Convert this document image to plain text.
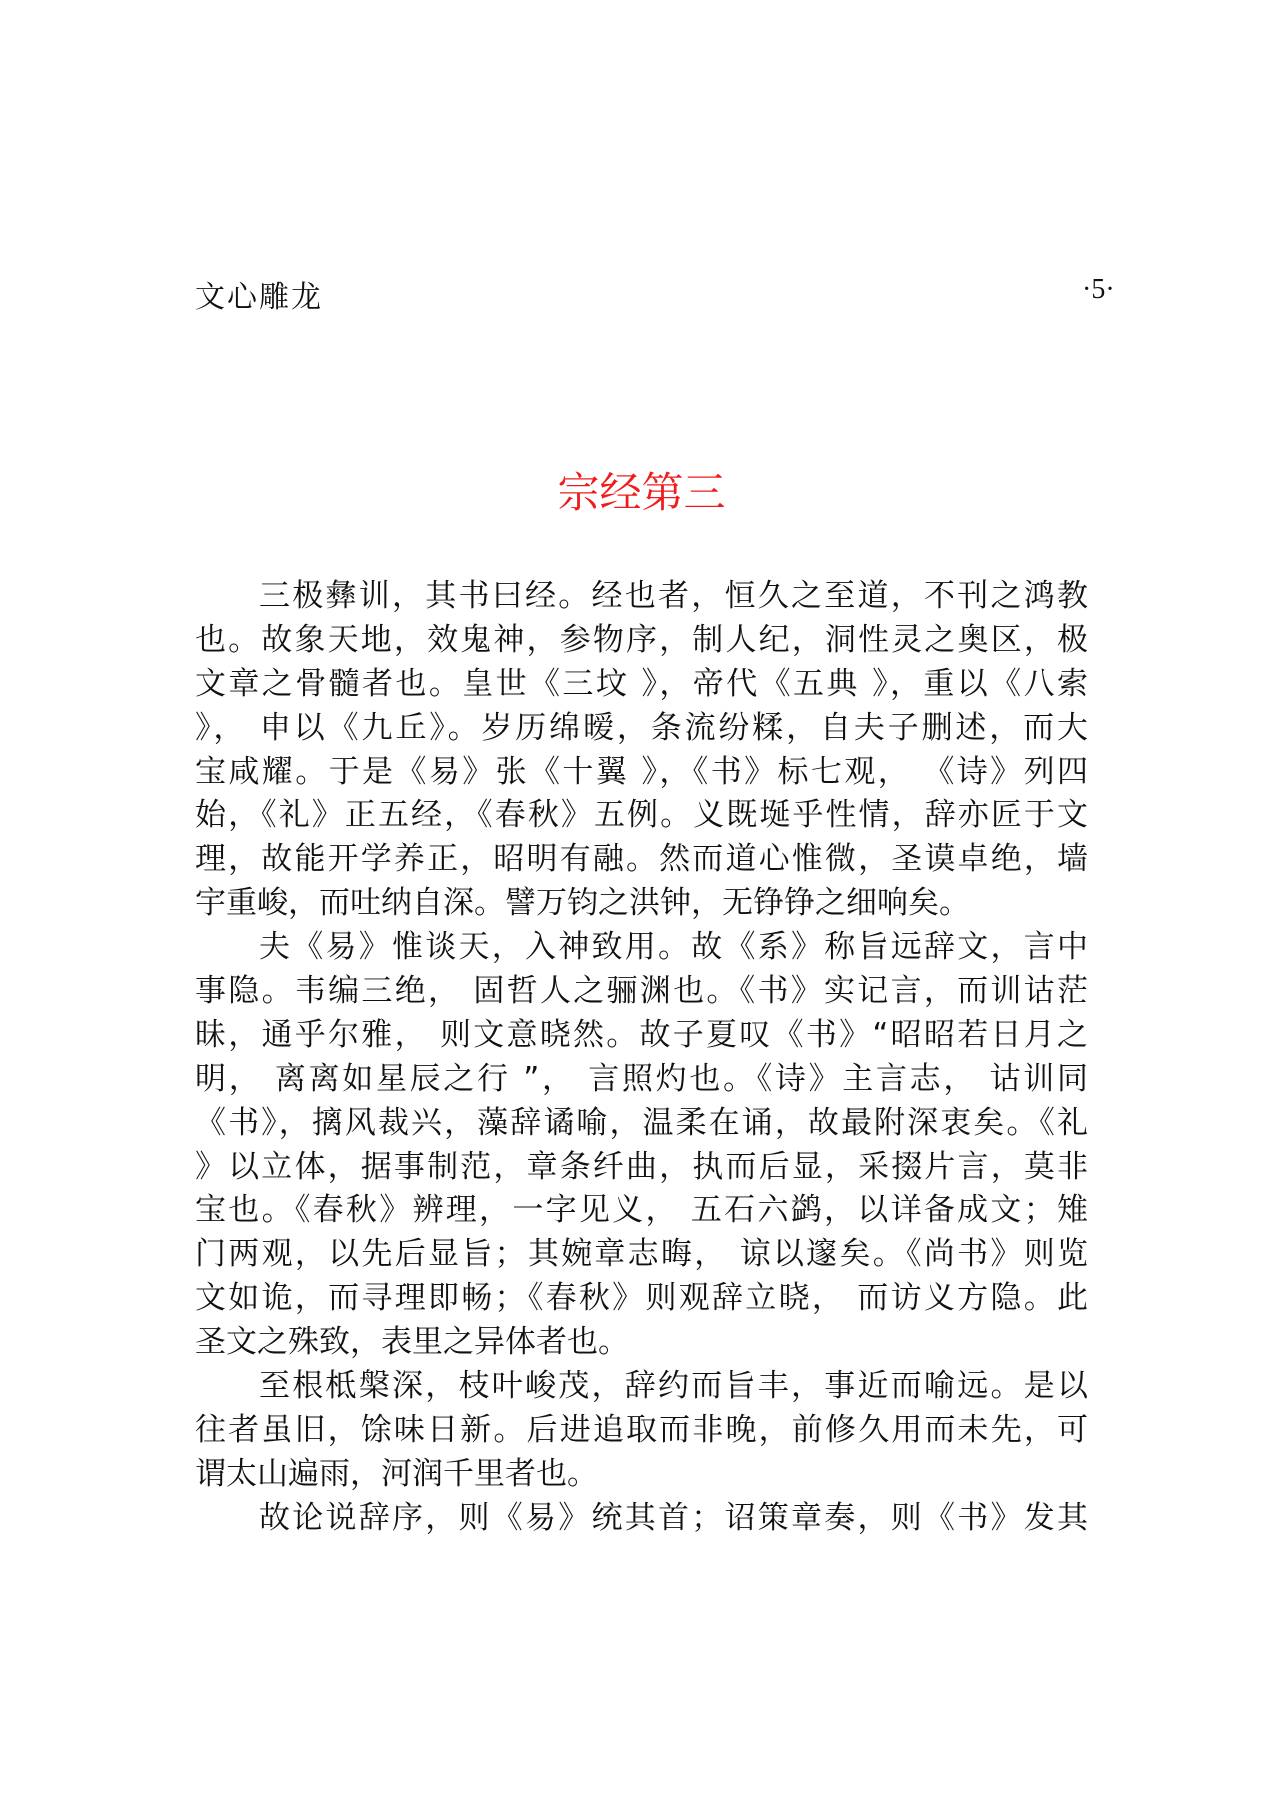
文心雕龙	·5·
宗经第三
三极彝训，其书曰经。经也者，恒久之至道，不刊之鸿教
也。故象天地，效鬼神，参物序，制人纪，洞性灵之奥区，极
文章之骨髓者也。皇世《三坟 》，帝代《五典 》，重以《八索
》， 申以《九丘》。岁历绵暧，条流纷糅，自夫子删述，而大
宝咸耀。于是《易》张《十翼 》，《书》标七观， 《诗》列四
始，《礼》正五经，《春秋》五例。义既埏乎性情，辞亦匠于文
理，故能开学养正，昭明有融。然而道心惟微，圣谟卓绝，墙
宇重峻，而吐纳自深。譬万钧之洪钟，无铮铮之细响矣。
夫《易》惟谈天，入神致用。故《系》称旨远辞文，言中
事隐。韦编三绝， 固哲人之骊渊也。《书》实记言，而训诂茫
昧，通乎尔雅， 则文意晓然。故子夏叹《书》“昭昭若日月之
明， 离离如星辰之行 ”， 言照灼也。《诗》主言志， 诂训同
《书》，摛风裁兴，藻辞谲喻，温柔在诵，故最附深衷矣。《礼
》以立体，据事制范，章条纤曲，执而后显，采掇片言，莫非
宝也。《春秋》辨理，一字见义， 五石六鹢，以详备成文；雉
门两观，以先后显旨；其婉章志晦， 谅以邃矣。《尚书》则览
文如诡，而寻理即畅；《春秋》则观辞立晓， 而访义方隐。此
圣文之殊致，表里之异体者也。
至根柢槃深，枝叶峻茂，辞约而旨丰，事近而喻远。是以
往者虽旧，馀味日新。后进追取而非晚，前修久用而未先，可
谓太山遍雨，河润千里者也。
故论说辞序，则《易》统其首；诏策章奏，则《书》发其
